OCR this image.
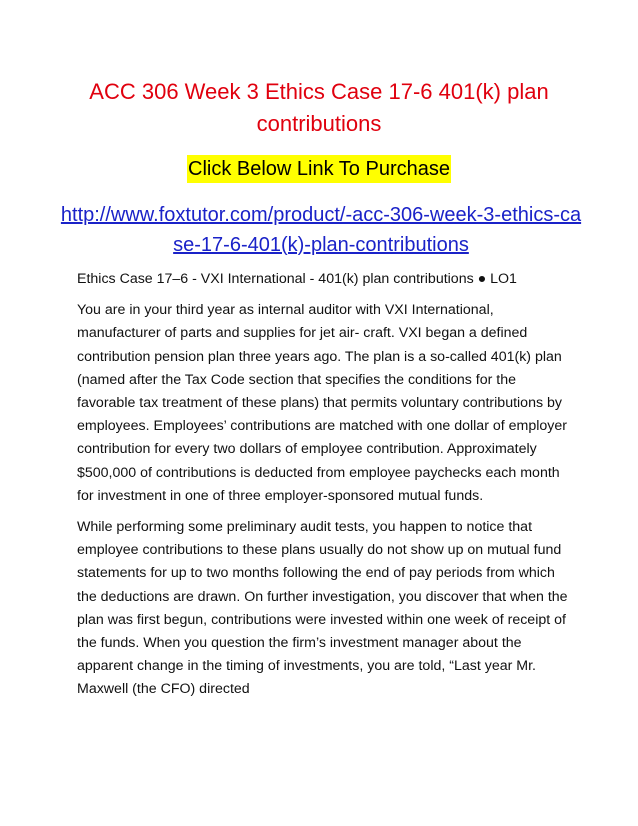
ACC 306 Week 3 Ethics Case 17-6 401(k) plan contributions
Click Below Link To Purchase
http://www.foxtutor.com/product/-acc-306-week-3-ethics-case-17-6-401(k)-plan-contributions

Ethics Case 17–6 - VXI International - 401(k) plan contributions ● LO1

You are in your third year as internal auditor with VXI International, manufacturer of parts and supplies for jet air- craft. VXI began a defined contribution pension plan three years ago. The plan is a so-called 401(k) plan (named after the Tax Code section that specifies the conditions for the favorable tax treatment of these plans) that permits voluntary contributions by employees. Employees’ contributions are matched with one dollar of employer contribution for every two dollars of employee contribution. Approximately $500,000 of contributions is deducted from employee paychecks each month for investment in one of three employer-sponsored mutual funds.

While performing some preliminary audit tests, you happen to notice that employee contributions to these plans usually do not show up on mutual fund statements for up to two months following the end of pay periods from which the deductions are drawn. On further investigation, you discover that when the plan was first begun, contributions were invested within one week of receipt of the funds. When you question the firm’s investment manager about the apparent change in the timing of investments, you are told, “Last year Mr. Maxwell (the CFO) directed
